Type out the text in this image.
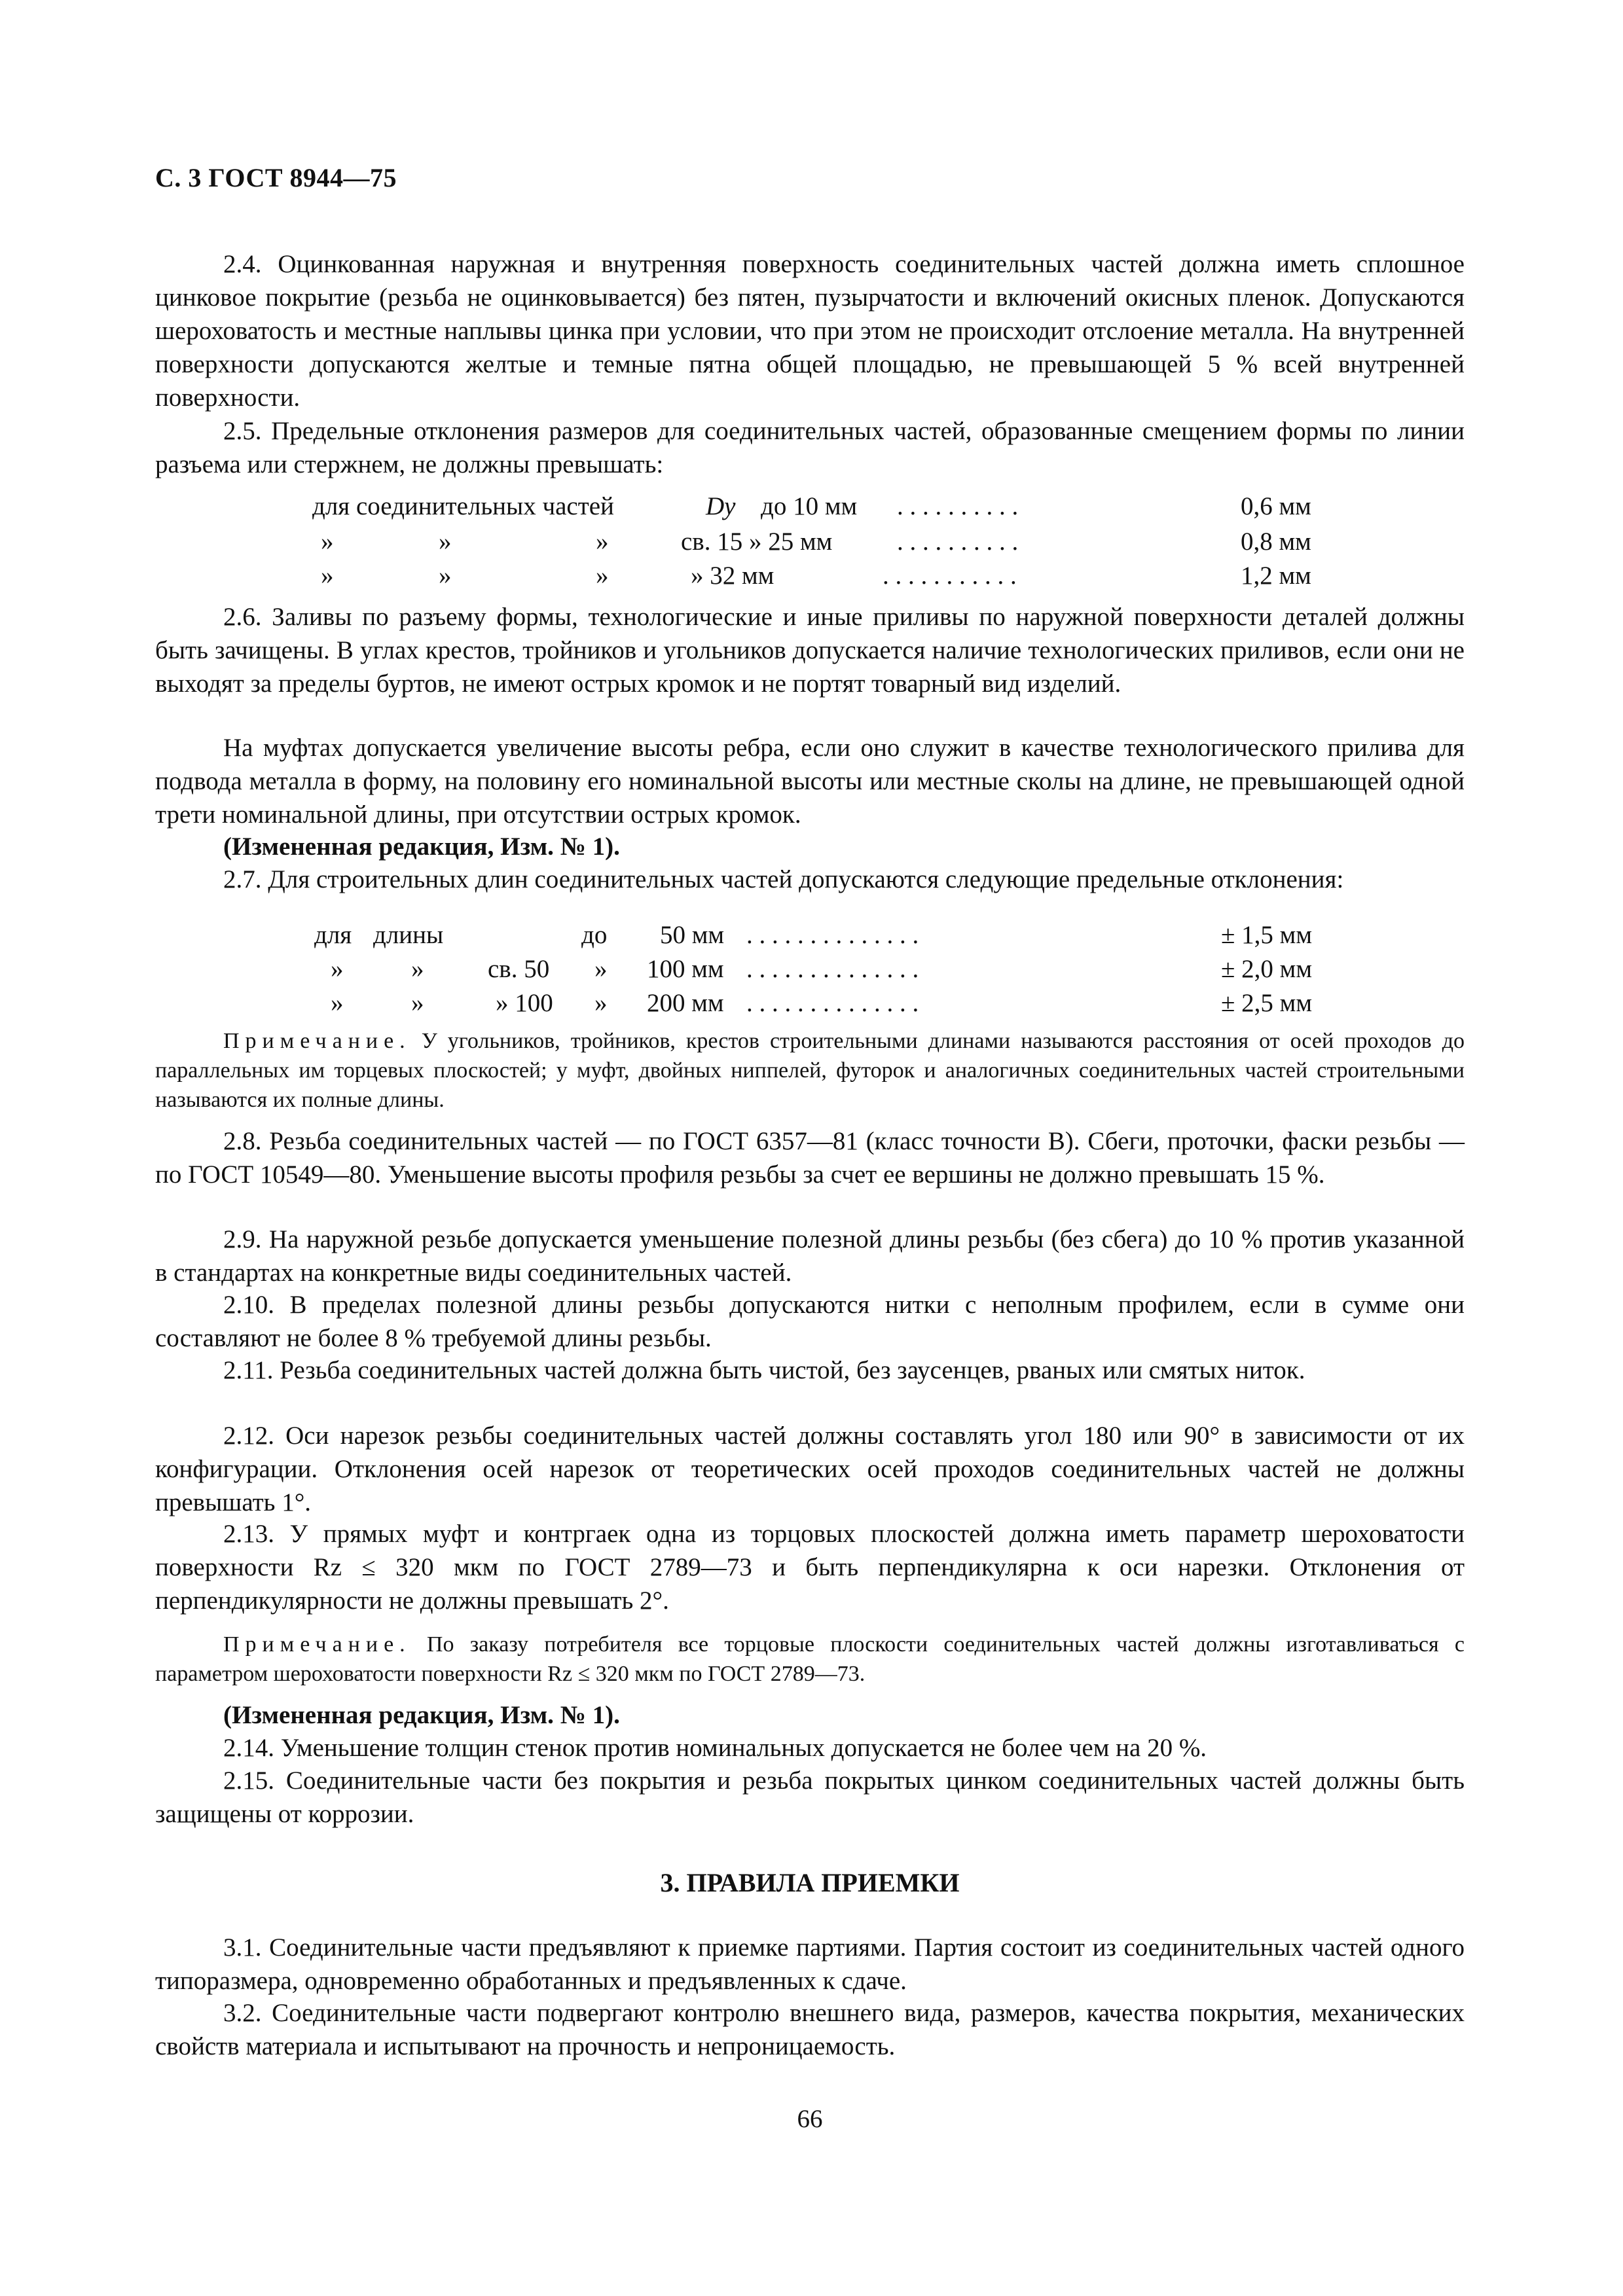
С. 3 ГОСТ 8944—75
2.4. Оцинкованная наружная и внутренняя поверхность соединительных частей должна иметь сплошное цинковое покрытие (резьба не оцинковывается) без пятен, пузырчатости и включений окисных пленок. Допускаются шероховатость и местные наплывы цинка при условии, что при этом не происходит отслоение металла. На внутренней поверхности допускаются желтые и темные пятна общей площадью, не превышающей 5 % всей внутренней поверхности.
2.5. Предельные отклонения размеров для соединительных частей, образованные смещением формы по линии разъема или стержнем, не должны превышать:
для соединительных частей	Dу до 10 мм . . . . . . . . . .	0,6 мм
»	»	»	св. 15 » 25 мм	. . . . . . . . . .	0,8 мм
»	»	»	» 32 мм	. . . . . . . . . . .	1,2 мм
2.6. Заливы по разъему формы, технологические и иные приливы по наружной поверхности деталей должны быть зачищены. В углах крестов, тройников и угольников допускается наличие технологических приливов, если они не выходят за пределы буртов, не имеют острых кромок и не портят товарный вид изделий.
На муфтах допускается увеличение высоты ребра, если оно служит в качестве технологического прилива для подвода металла в форму, на половину его номинальной высоты или местные сколы на длине, не превышающей одной трети номинальной длины, при отсутствии острых кромок.
(Измененная редакция, Изм. № 1).
2.7. Для строительных длин соединительных частей допускаются следующие предельные отклонения:
для длины	до 50 мм . . . . . . . . . . . . . .	± 1,5 мм
»	»	св. 50 » 100 мм . . . . . . . . . . . . . .	± 2,0 мм
»	»	» 100 » 200 мм . . . . . . . . . . . . . .	± 2,5 мм
Примечание. У угольников, тройников, крестов строительными длинами называются расстояния от осей проходов до параллельных им торцевых плоскостей; у муфт, двойных ниппелей, футорок и аналогичных соединительных частей строительными называются их полные длины.
2.8. Резьба соединительных частей — по ГОСТ 6357—81 (класс точности В). Сбеги, проточки, фаски резьбы — по ГОСТ 10549—80. Уменьшение высоты профиля резьбы за счет ее вершины не должно превышать 15 %.
2.9. На наружной резьбе допускается уменьшение полезной длины резьбы (без сбега) до 10 % против указанной в стандартах на конкретные виды соединительных частей.
2.10. В пределах полезной длины резьбы допускаются нитки с неполным профилем, если в сумме они составляют не более 8 % требуемой длины резьбы.
2.11. Резьба соединительных частей должна быть чистой, без заусенцев, рваных или смятых ниток.
2.12. Оси нарезок резьбы соединительных частей должны составлять угол 180 или 90° в зависимости от их конфигурации. Отклонения осей нарезок от теоретических осей проходов соединительных частей не должны превышать 1°.
2.13. У прямых муфт и контргаек одна из торцовых плоскостей должна иметь параметр шероховатости поверхности Rz ≤ 320 мкм по ГОСТ 2789—73 и быть перпендикулярна к оси нарезки. Отклонения от перпендикулярности не должны превышать 2°.
Примечание. По заказу потребителя все торцовые плоскости соединительных частей должны изготавливаться с параметром шероховатости поверхности Rz ≤ 320 мкм по ГОСТ 2789—73.
(Измененная редакция, Изм. № 1).
2.14. Уменьшение толщин стенок против номинальных допускается не более чем на 20 %.
2.15. Соединительные части без покрытия и резьба покрытых цинком соединительных частей должны быть защищены от коррозии.
3. ПРАВИЛА ПРИЕМКИ
3.1. Соединительные части предъявляют к приемке партиями. Партия состоит из соединительных частей одного типоразмера, одновременно обработанных и предъявленных к сдаче.
3.2. Соединительные части подвергают контролю внешнего вида, размеров, качества покрытия, механических свойств материала и испытывают на прочность и непроницаемость.
66
